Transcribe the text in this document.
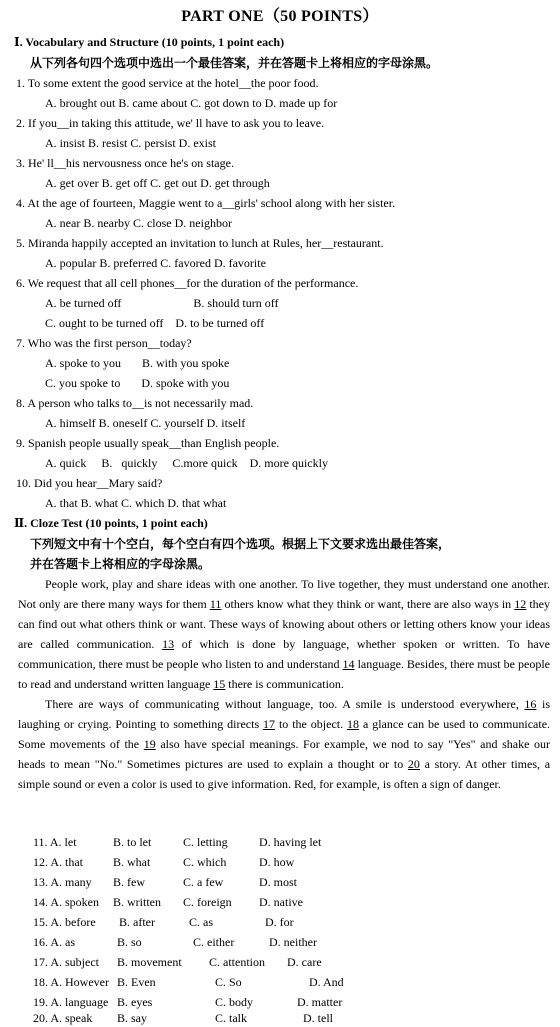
PART ONE（50 POINTS）
Ⅰ. Vocabulary and Structure (10 points, 1 point each)
从下列各句四个选项中选出一个最佳答案，并在答题卡上将相应的字母涂黑。
1. To some extent the good service at the hotel__the poor food.
A. brought out B. came about C. got down to D. made up for
2. If you__in taking this attitude, we' ll have to ask you to leave.
A. insist B. resist C. persist D. exist
3. He' ll__his nervousness once he's on stage.
A. get over B. get off C. get out D. get through
4. At the age of fourteen, Maggie went to a__girls' school along with her sister.
A. near B. nearby C. close D. neighbor
5. Miranda happily accepted an invitation to lunch at Rules, her__restaurant.
A. popular B. preferred C. favored D. favorite
6. We request that all cell phones__for the duration of the performance.
A. be turned off                        B. should turn off
C. ought to be turned off    D. to be turned off
7. Who was the first person__today?
A. spoke to you       B. with you spoke
C. you spoke to       D. spoke with you
8. A person who talks to__is not necessarily mad.
A. himself B. oneself C. yourself D. itself
9. Spanish people usually speak__than English people.
A. quick     B.   quickly     C.more quick    D. more quickly
10. Did you hear__Mary said?
A. that B. what C. which D. that what
Ⅱ. Cloze Test (10 points, 1 point each)
下列短文中有十个空白，每个空白有四个选项。根据上下文要求选出最佳答案，
并在答题卡上将相应的字母涂黑。

People work, play and share ideas with one another. To live together, they must understand one another. Not only are there many ways for them 11 others know what they think or want, there are also ways in 12 they can find out what others think or want. These ways of knowing about others or letting others know your ideas are called communication. 13 of which is done by language, whether spoken or written. To have communication, there must be people who listen to and understand 14 language. Besides, there must be people to read and understand written language 15 there is communication.

There are ways of communicating without language, too. A smile is understood everywhere, 16 is laughing or crying. Pointing to something directs 17 to the object. 18 a glance can be used to communicate. Some movements of the 19 also have special meanings. For example, we nod to say "Yes" and shake our heads to mean "No." Sometimes pictures are used to explain a thought or to 20 a story. At other times, a simple sound or even a color is used to give information. Red, for example, is often a sign of danger.

11. A. let	B. to let	C. letting	D. having let
12. A. that	B. what	C. which	D. how
13. A. many B. few	C. a few	D. most
14. A. spoken B. written C. foreign D. native
15. A. before B. after	C. as	D. for
16. A. as	B. so	C. either	D. neither
17. A. subject B. movement C. attention D. care
18. A. However B. Even	C. So	D. And
19. A. language B. eyes	C. body	D. matter
20. A. speak B. say	C. talk	D. tell
